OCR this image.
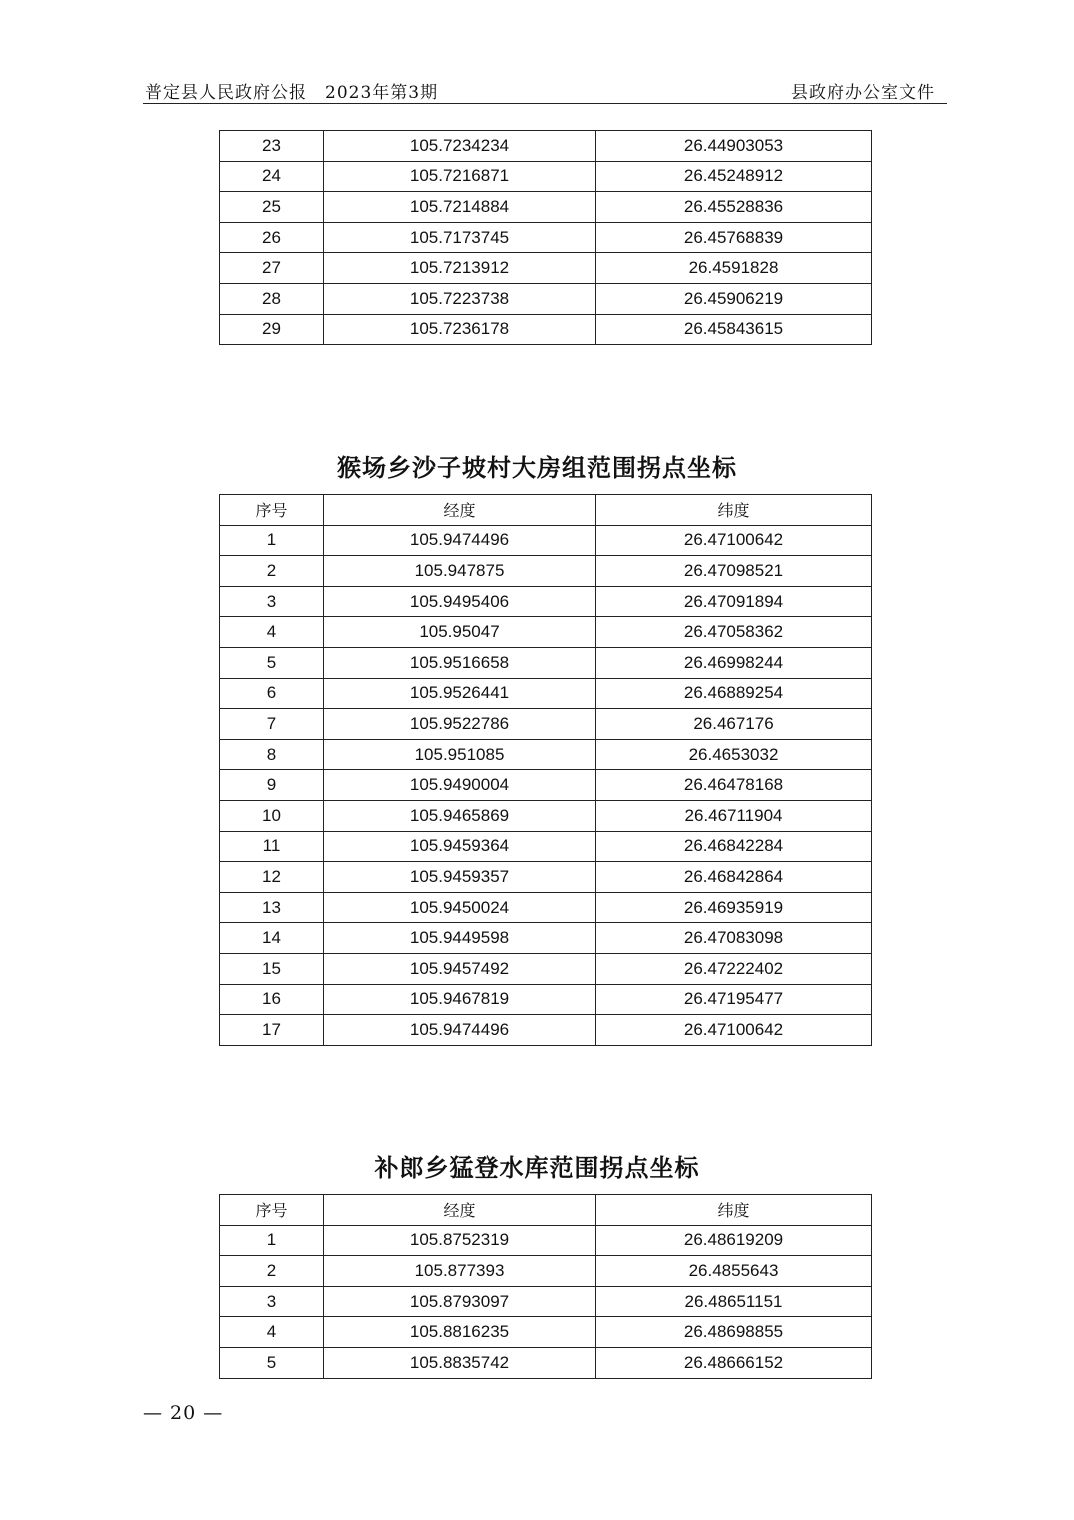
普定县人民政府公报　2023年第3期	县政府办公室文件
23	105.7234234	26.44903053
24	105.7216871	26.45248912
25	105.7214884	26.45528836
26	105.7173745	26.45768839
27	105.7213912	26.4591828
28	105.7223738	26.45906219
29	105.7236178	26.45843615
猴场乡沙子坡村大房组范围拐点坐标
序号	经度	纬度
1	105.9474496	26.47100642
2	105.947875	26.47098521
3	105.9495406	26.47091894
4	105.95047	26.47058362
5	105.9516658	26.46998244
6	105.9526441	26.46889254
7	105.9522786	26.467176
8	105.951085	26.4653032
9	105.9490004	26.46478168
10	105.9465869	26.46711904
11	105.9459364	26.46842284
12	105.9459357	26.46842864
13	105.9450024	26.46935919
14	105.9449598	26.47083098
15	105.9457492	26.47222402
16	105.9467819	26.47195477
17	105.9474496	26.47100642
补郎乡猛登水库范围拐点坐标
序号	经度	纬度
1	105.8752319	26.48619209
2	105.877393	26.4855643
3	105.8793097	26.48651151
4	105.8816235	26.48698855
5	105.8835742	26.48666152
— 20 —
